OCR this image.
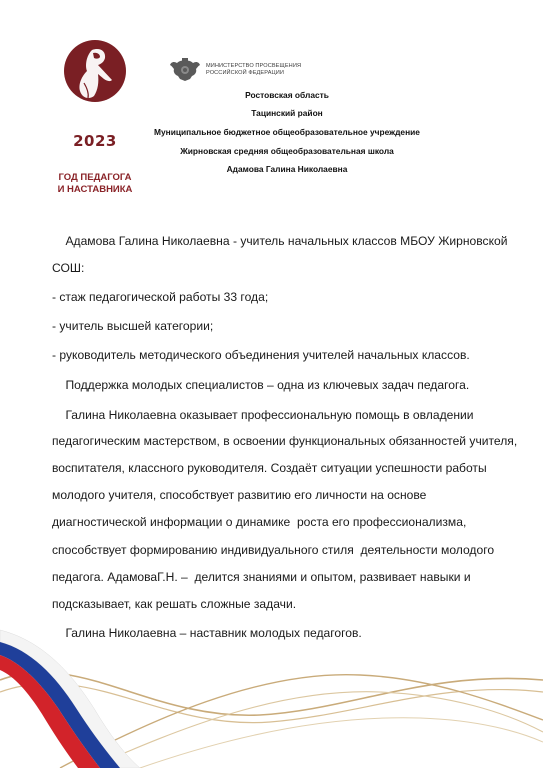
2023
ГОД ПЕДАГОГА
И НАСТАВНИКА
МИНИСТЕРСТВО ПРОСВЕЩЕНИЯ
РОССИЙСКОЙ ФЕДЕРАЦИИ

Ростовская область

Тацинский район

Муниципальное бюджетное общеобразовательное учреждение

Жирновская средняя общеобразовательная школа

Адамова Галина Николаевна

Адамова Галина Николаевна - учитель начальных классов МБОУ Жирновской
СОШ:
- стаж педагогической работы 33 года;
- учитель высшей категории;
- руководитель методического объединения учителей начальных классов.
Поддержка молодых специалистов – одна из ключевых задач педагога.
Галина Николаевна оказывает профессиональную помощь в овладении
педагогическим мастерством, в освоении функциональных обязанностей учителя,
воспитателя, классного руководителя. Создаёт ситуации успешности работы
молодого учителя, способствует развитию его личности на основе
диагностической информации о динамике  роста его профессионализма,
способствует формированию индивидуального стиля  деятельности молодого
педагога. АдамоваГ.Н. –  делится знаниями и опытом, развивает навыки и
подсказывает, как решать сложные задачи.
Галина Николаевна – наставник молодых педагогов.
